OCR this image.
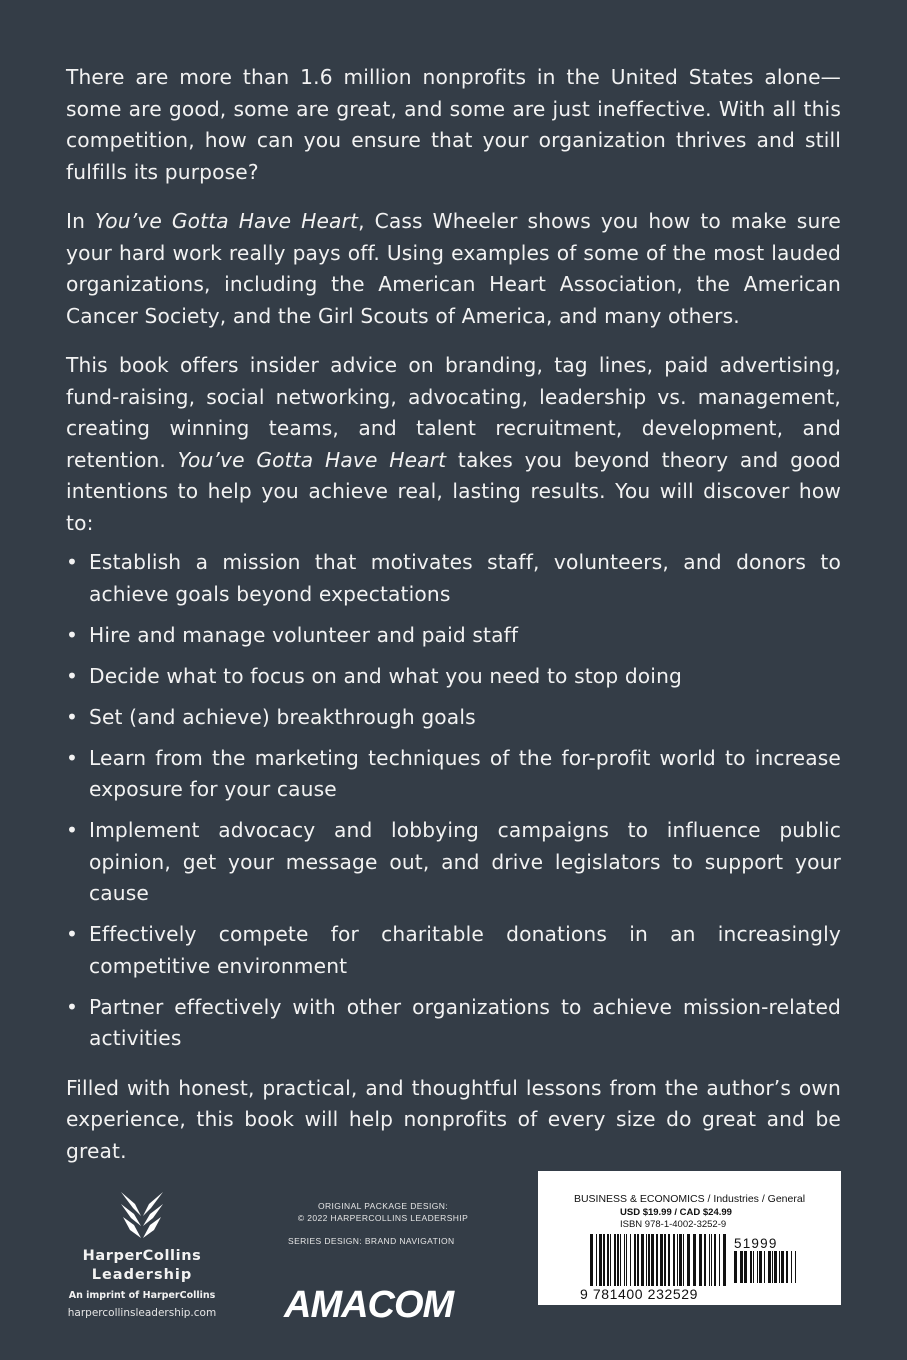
There are more than 1.6 million nonprofits in the United States alone—some are good, some are great, and some are just ineffective. With all this competition, how can you ensure that your organization thrives and still fulfills its purpose?

In You’ve Gotta Have Heart, Cass Wheeler shows you how to make sure your hard work really pays off. Using examples of some of the most lauded organizations, including the American Heart Association, the American Cancer Society, and the Girl Scouts of America, and many others.

This book offers insider advice on branding, tag lines, paid advertising, fund-raising, social networking, advocating, leadership vs. management, creating winning teams, and talent recruitment, development, and retention. You’ve Gotta Have Heart takes you beyond theory and good intentions to help you achieve real, lasting results. You will discover how to:

• Establish a mission that motivates staff, volunteers, and donors to achieve goals beyond expectations
• Hire and manage volunteer and paid staff
• Decide what to focus on and what you need to stop doing
• Set (and achieve) breakthrough goals
• Learn from the marketing techniques of the for-profit world to increase exposure for your cause
• Implement advocacy and lobbying campaigns to influence public opinion, get your message out, and drive legislators to support your cause
• Effectively compete for charitable donations in an increasingly competitive environment
• Partner effectively with other organizations to achieve mission-related activities

Filled with honest, practical, and thoughtful lessons from the author’s own experience, this book will help nonprofits of every size do great and be great.

HarperCollins
Leadership
An imprint of HarperCollins
harpercollinsleadership.com
ORIGINAL PACKAGE DESIGN:
© 2022 HARPERCOLLINS LEADERSHIP
SERIES DESIGN: BRAND NAVIGATION
AMACOM
BUSINESS & ECONOMICS / Industries / General
USD $19.99 / CAD $24.99
ISBN 978-1-4002-3252-9
9 781400 232529
51999
